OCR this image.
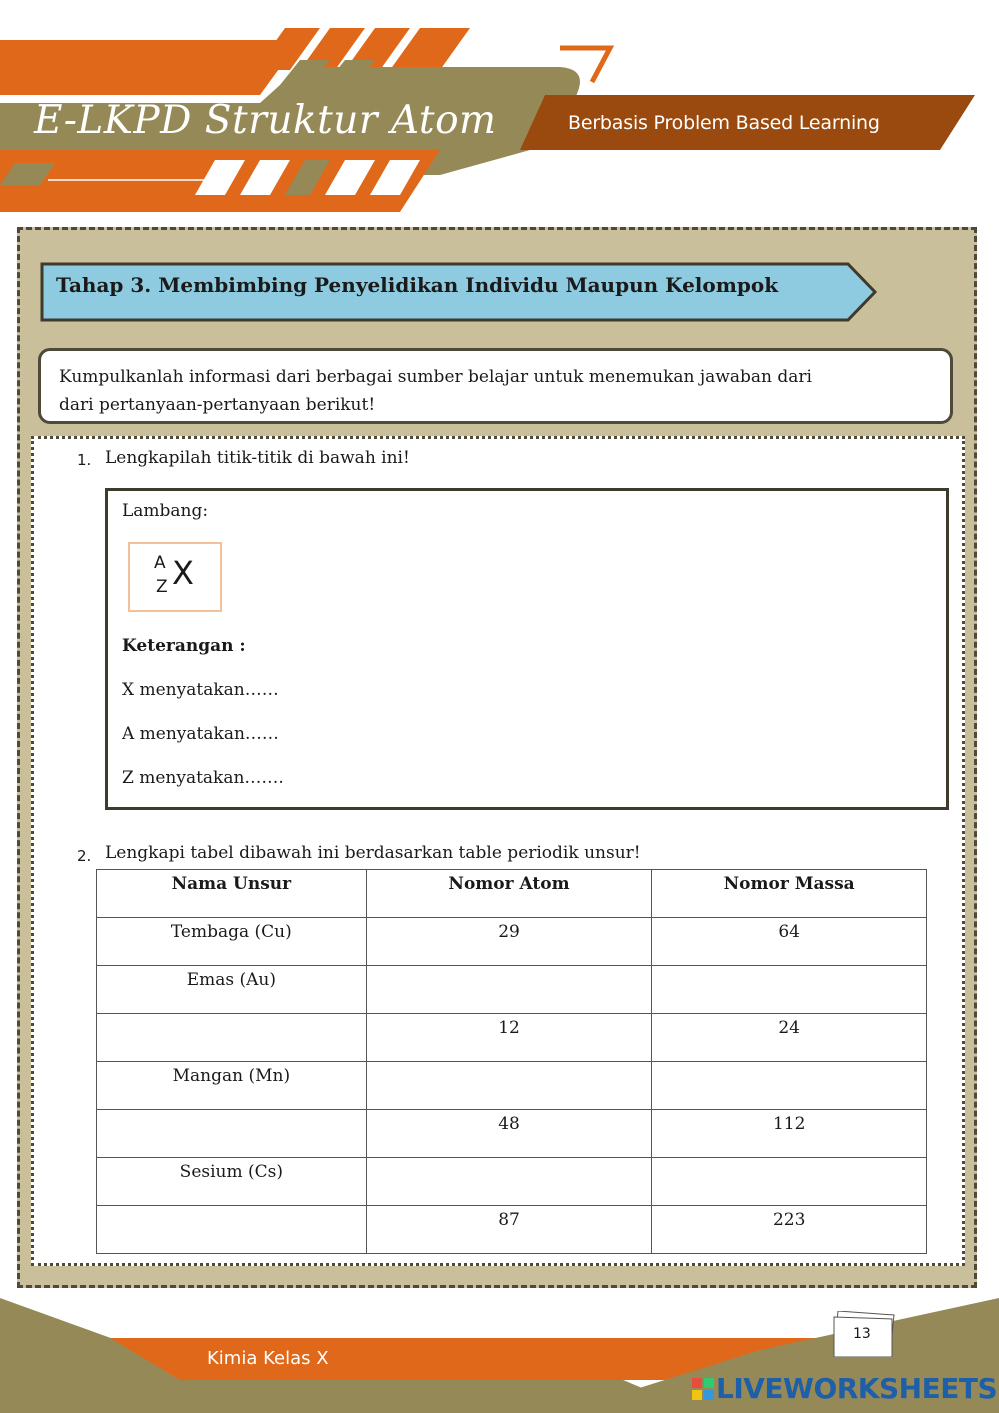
E-LKPD Struktur Atom	Berbasis Problem Based Learning
Tahap 3. Membimbing Penyelidikan Individu Maupun Kelompok
Kumpulkanlah informasi dari berbagai sumber belajar untuk menemukan jawaban dari
dari pertanyaan-pertanyaan berikut!
1. Lengkapilah titik-titik di bawah ini!
Lambang:
A
Z X
Keterangan :
X menyatakan……
A menyatakan……
Z menyatakan…….
2. Lengkapi tabel dibawah ini berdasarkan table periodik unsur!
Nama Unsur	Nomor Atom	Nomor Massa
Tembaga (Cu)	29	64
Emas (Au)		
	12	24
Mangan (Mn)		
	48	112
Sesium (Cs)		
	87	223
Kimia Kelas X
13
LIVEWORKSHEETS
